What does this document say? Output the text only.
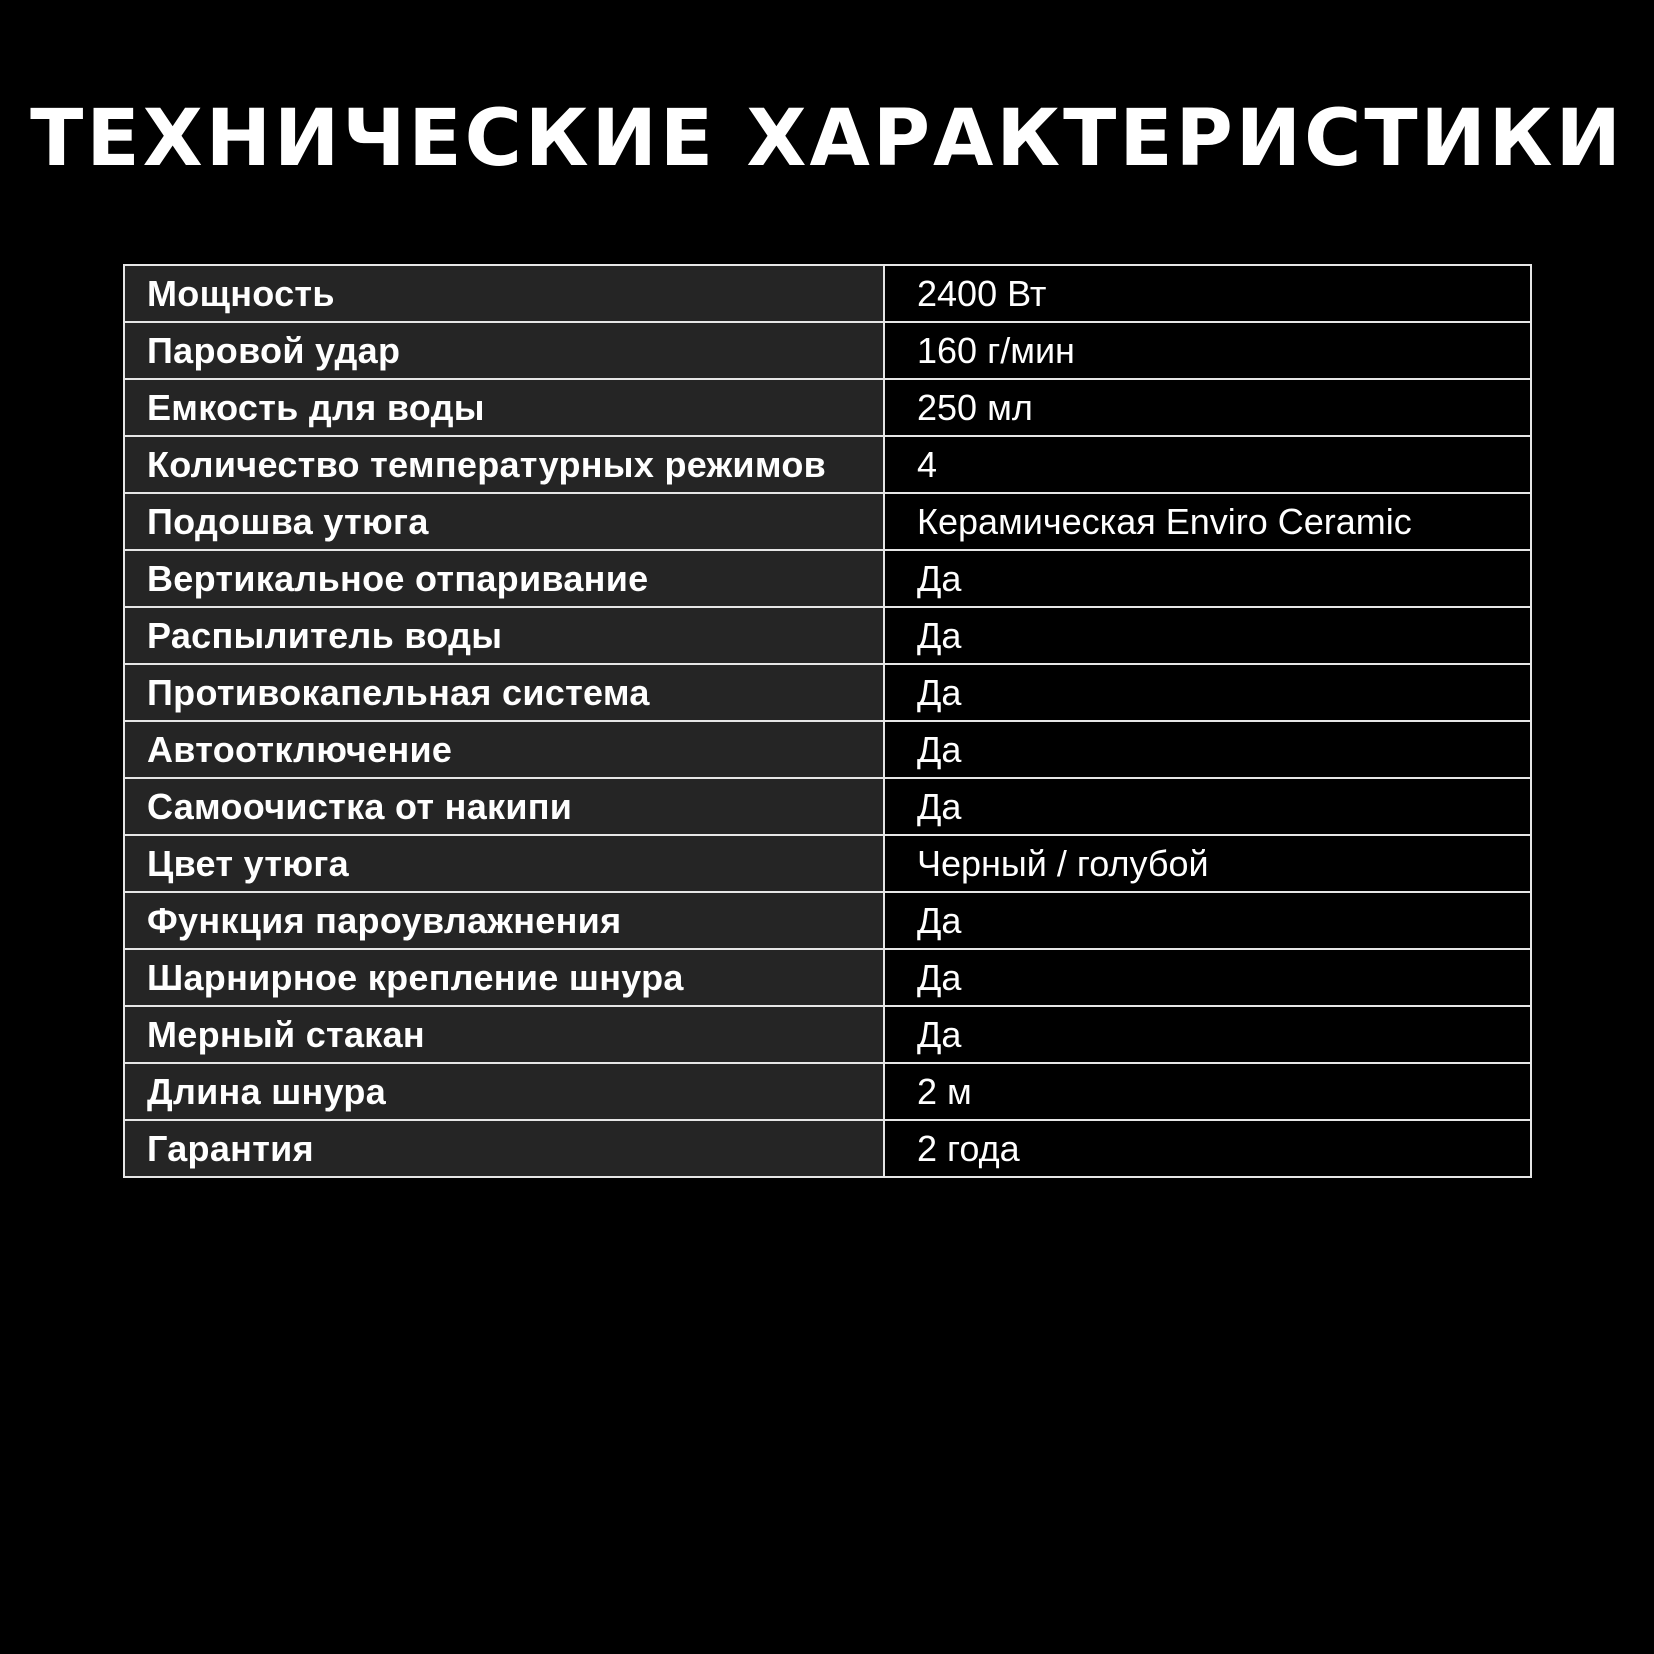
ТЕХНИЧЕСКИЕ ХАРАКТЕРИСТИКИ
Мощность	2400 Вт
Паровой удар	160 г/мин
Емкость для воды	250 мл
Количество температурных режимов	4
Подошва утюга	Керамическая Enviro Ceramic
Вертикальное отпаривание	Да
Распылитель воды	Да
Противокапельная система	Да
Автоотключение	Да
Самоочистка от накипи	Да
Цвет утюга	Черный / голубой
Функция пароувлажнения	Да
Шарнирное крепление шнура	Да
Мерный стакан	Да
Длина шнура	2 м
Гарантия	2 года
